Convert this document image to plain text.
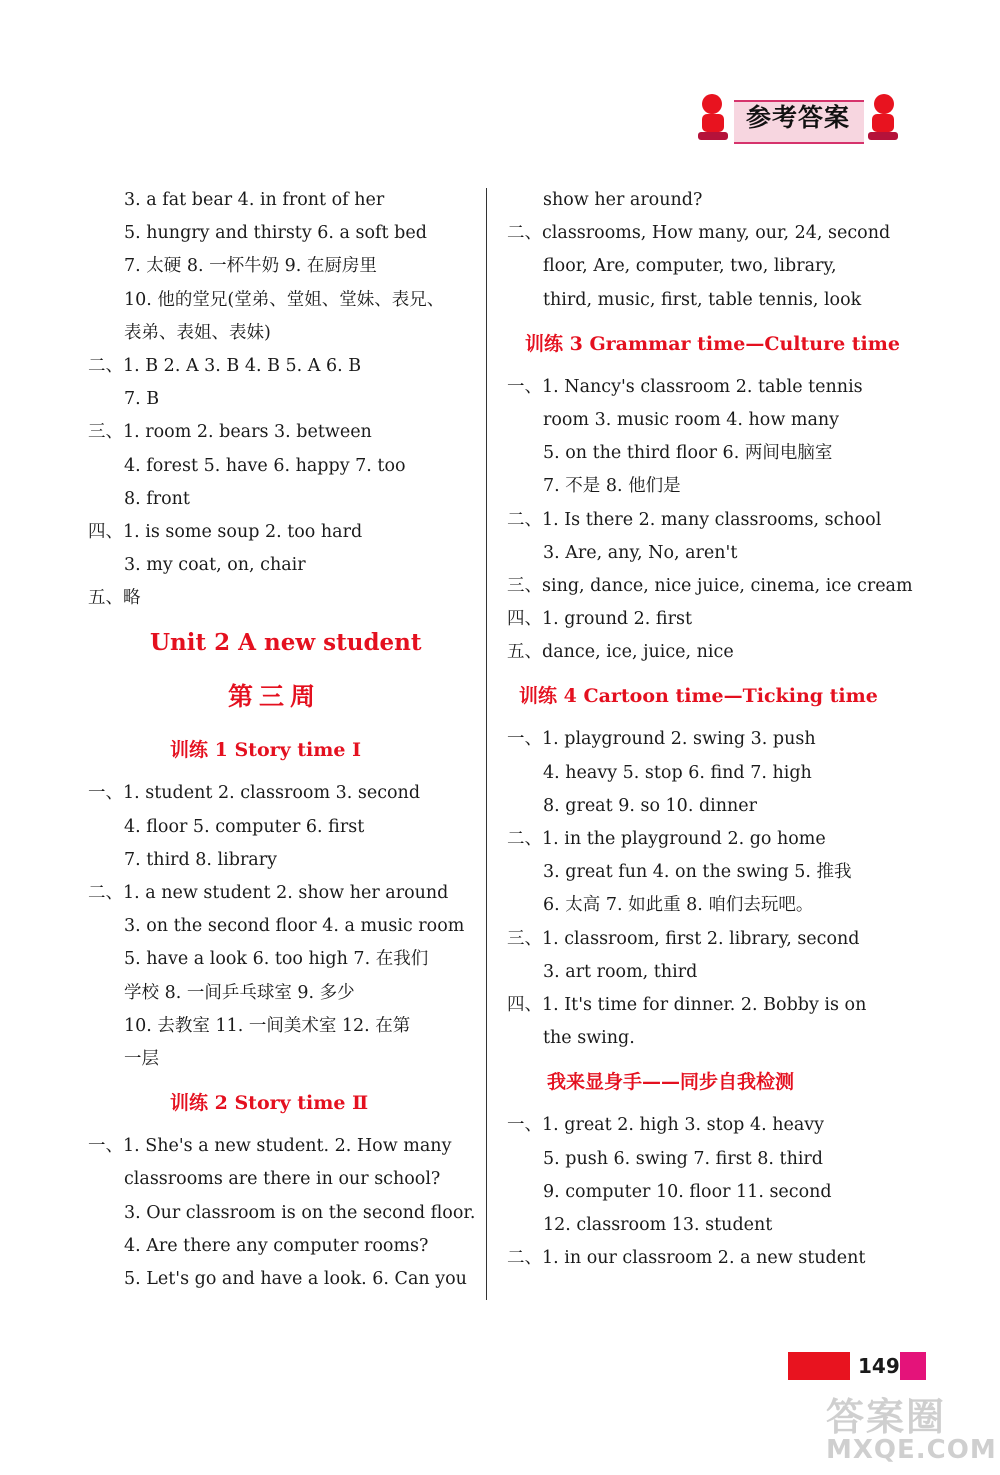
参考答案
3. a fat bear 4. in front of her
5. hungry and thirsty 6. a soft bed
7. 太硬 8. 一杯牛奶 9. 在厨房里
10. 他的堂兄(堂弟、堂姐、堂妹、表兄、
表弟、表姐、表妹)
二、1. B 2. A 3. B 4. B 5. A 6. B
7. B
三、1. room 2. bears 3. between
4. forest 5. have 6. happy 7. too
8. front
四、1. is some soup 2. too hard
3. my coat, on, chair
五、略
Unit 2 A new student
第三周
训练 1 Story time Ⅰ
一、1. student 2. classroom 3. second
4. floor 5. computer 6. first
7. third 8. library
二、1. a new student 2. show her around
3. on the second floor 4. a music room
5. have a look 6. too high 7. 在我们
学校 8. 一间乒乓球室 9. 多少
10. 去教室 11. 一间美术室 12. 在第
一层
训练 2 Story time Ⅱ
一、1. She's a new student. 2. How many
classrooms are there in our school?
3. Our classroom is on the second floor.
4. Are there any computer rooms?
5. Let's go and have a look. 6. Can you
show her around?
二、classrooms, How many, our, 24, second
floor, Are, computer, two, library,
third, music, first, table tennis, look
训练 3 Grammar time—Culture time
一、1. Nancy's classroom 2. table tennis
room 3. music room 4. how many
5. on the third floor 6. 两间电脑室
7. 不是 8. 他们是
二、1. Is there 2. many classrooms, school
3. Are, any, No, aren't
三、sing, dance, nice juice, cinema, ice cream
四、1. ground 2. first
五、dance, ice, juice, nice
训练 4 Cartoon time—Ticking time
一、1. playground 2. swing 3. push
4. heavy 5. stop 6. find 7. high
8. great 9. so 10. dinner
二、1. in the playground 2. go home
3. great fun 4. on the swing 5. 推我
6. 太高 7. 如此重 8. 咱们去玩吧。
三、1. classroom, first 2. library, second
3. art room, third
四、1. It's time for dinner. 2. Bobby is on
the swing.
我来显身手——同步自我检测
一、1. great 2. high 3. stop 4. heavy
5. push 6. swing 7. first 8. third
9. computer 10. floor 11. second
12. classroom 13. student
二、1. in our classroom 2. a new student
149
答案圈
MXQE.COM
